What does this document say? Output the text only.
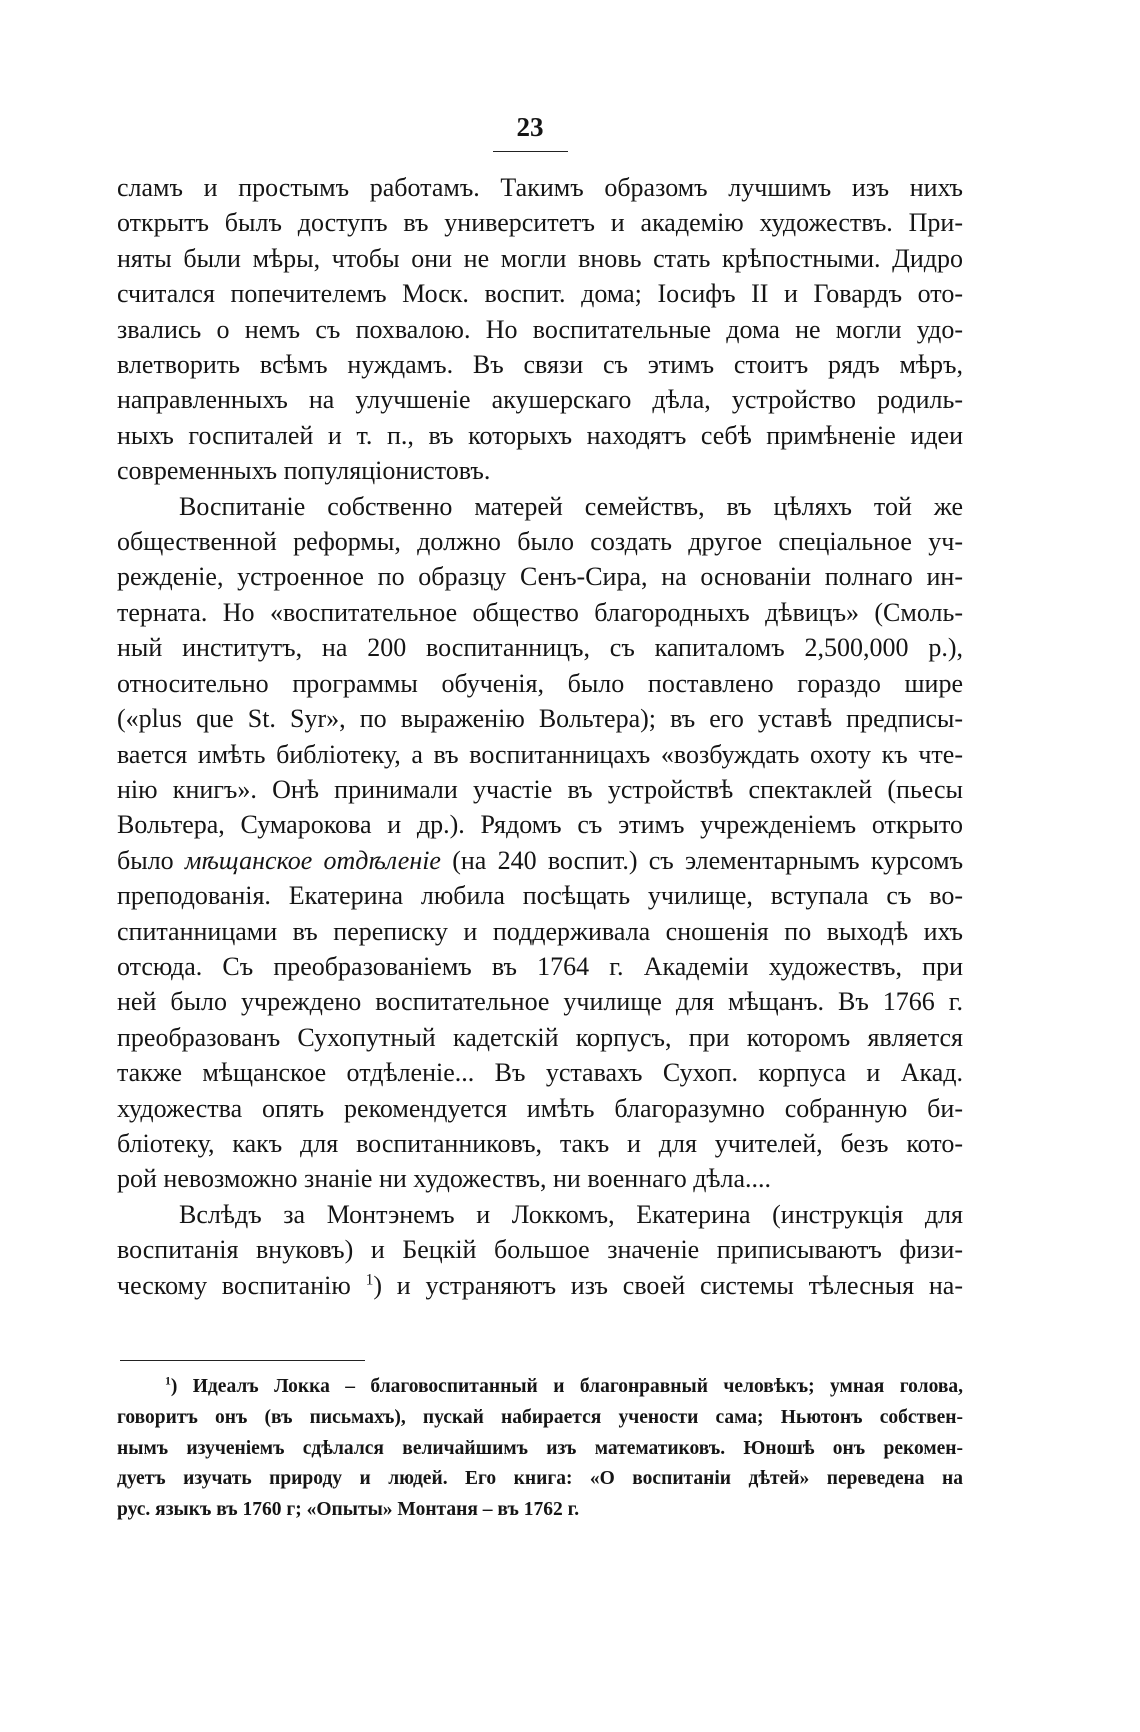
23
сламъ и простымъ работамъ. Такимъ образомъ лучшимъ изъ нихъ
открытъ былъ доступъ въ университетъ и академію художествъ. При-
няты были мѣры, чтобы они не могли вновь стать крѣпостными. Дидро
считался попечителемъ Моск. воспит. дома; Іосифъ II и Говардъ ото-
звались о немъ съ похвалою. Но воспитательные дома не могли удо-
влетворить всѣмъ нуждамъ. Въ связи съ этимъ стоитъ рядъ мѣръ,
направленныхъ на улучшеніе акушерскаго дѣла, устройство родиль-
ныхъ госпиталей и т. п., въ которыхъ находятъ себѣ примѣненіе идеи
современныхъ популяціонистовъ.
Воспитаніе собственно матерей семействъ, въ цѣляхъ той же
общественной реформы, должно было создать другое спеціальное уч-
режденіе, устроенное по образцу Сенъ-Сира, на основаніи полнаго ин-
терната. Но «воспитательное общество благородныхъ дѣвицъ» (Смоль-
ный институтъ, на 200 воспитанницъ, съ капиталомъ 2,500,000 р.),
относительно программы обученія, было поставлено гораздо шире
(«plus que St. Syr», по выраженію Вольтера); въ его уставѣ предписы-
вается имѣть библіотеку, а въ воспитанницахъ «возбуждать охоту къ чте-
нію книгъ». Онѣ принимали участіе въ устройствѣ спектаклей (пьесы
Вольтера, Сумарокова и др.). Рядомъ съ этимъ учрежденіемъ открыто
было мѣщанское отдѣленіе (на 240 воспит.) съ элементарнымъ курсомъ
преподованія. Екатерина любила посѣщать училище, вступала съ во-
спитанницами въ переписку и поддерживала сношенія по выходѣ ихъ
отсюда. Съ преобразованіемъ въ 1764 г. Академіи художествъ, при
ней было учреждено воспитательное училище для мѣщанъ. Въ 1766 г.
преобразованъ Сухопутный кадетскій корпусъ, при которомъ является
также мѣщанское отдѣленіе... Въ уставахъ Сухоп. корпуса и Акад.
художества опять рекомендуется имѣть благоразумно собранную би-
бліотеку, какъ для воспитанниковъ, такъ и для учителей, безъ кото-
рой невозможно знаніе ни художествъ, ни военнаго дѣла....
Вслѣдъ за Монтэнемъ и Локкомъ, Екатерина (инструкція для
воспитанія внуковъ) и Бецкій большое значеніе приписываютъ физи-
ческому воспитанію $^1$) и устраняютъ изъ своей системы тѣлесныя на-
$^1$) Идеалъ Локка – благовоспитанный и благонравный человѣкъ; умная голова,
говоритъ онъ (въ письмахъ), пускай набирается учености сама; Ньютонъ собствен-
нымъ изученіемъ сдѣлался величайшимъ изъ математиковъ. Юношѣ онъ рекомен-
дуетъ изучать природу и людей. Его книга: «О воспитаніи дѣтей» переведена на
рус. языкъ въ 1760 г; «Опыты» Монтаня – въ 1762 г.
